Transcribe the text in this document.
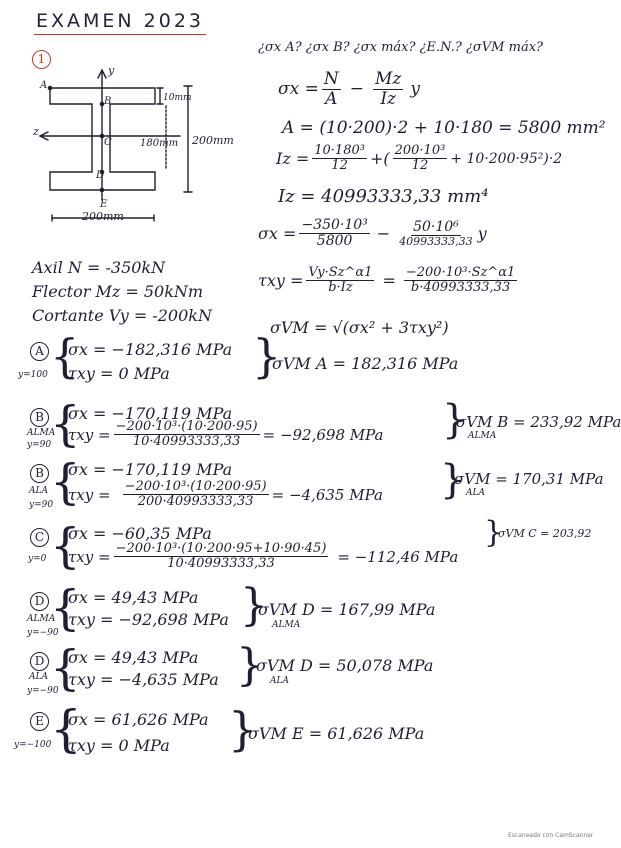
EXAMEN 2023
1
¿σx A? ¿σx B? ¿σx máx? ¿E.N.? ¿σVM máx?
y
z
A
B
C
D
E
10mm
180mm 200mm
200mm
Axil N = -350kN
Flector Mz = 50kNm
Cortante Vy = -200kN
$\sigma x = \frac{N}{A} - \frac{Mz}{Iz}$ y
A = (10·200)·2 + 10·180 = 5800 mm²
$Iz = \frac{\text{10·180³}}{12}$ + ( $\frac{\text{200·10³}}{12} + 10\cdot 200\cdot 95^2)\cdot 2$
Iz = 40993333,33 mm⁴
$\sigma x = \frac{\text{−350·10³}}{5800} - \frac{\text{50·10⁶}}{40993333,33}$ y
$\tau xy = \frac{Vy\cdot Sz\^{}\alpha 1}{b\cdot Iz} = \frac{\text{−200·10³·Sz\textasciicircum{}α1}}{b\cdot 40993333,33}$
σVM = √(σx² + 3τxy²)
A
y=100 {
σx = −182,316 MPa
τxy = 0 MPa }
σVM A = 182,316 MPa
B
ALMA
y=90
{
σx = −170,119 MPa
$\tau xy = \frac{\text{−200·10³·(10·200·95)}}{10\cdot 40993333,33} = -92,698$ MPa }
σVM B = 233,92 MPa
ALMA
B
ALA
y=90
{
σx = −170,119 MPa
$\tau xy = \frac{\text{−200·10³·(10·200·95)}}{200\cdot 40993333,33} = -4,635$ MPa }
σVM = 170,31 MPa
ALA
C
y=0 {
σx = −60,35 MPa
$\tau xy = \frac{\text{−200·10³·(10·200·95+10·90·45)}}{10\cdot 40993333,33} = -112,46$ MPa
}
σVM C = 203,92
D
ALMA
y=−90
{
σx = 49,43 MPa
τxy = −92,698 MPa }
σVM D = 167,99 MPa
ALMA
D
ALA
y=−90
{
σx = 49,43 MPa
τxy = −4,635 MPa }
σVM D = 50,078 MPa
ALA
E
y=−100
{
σx = 61,626 MPa
τxy = 0 MPa }
σVM E = 61,626 MPa
Escaneado con CamScanner
